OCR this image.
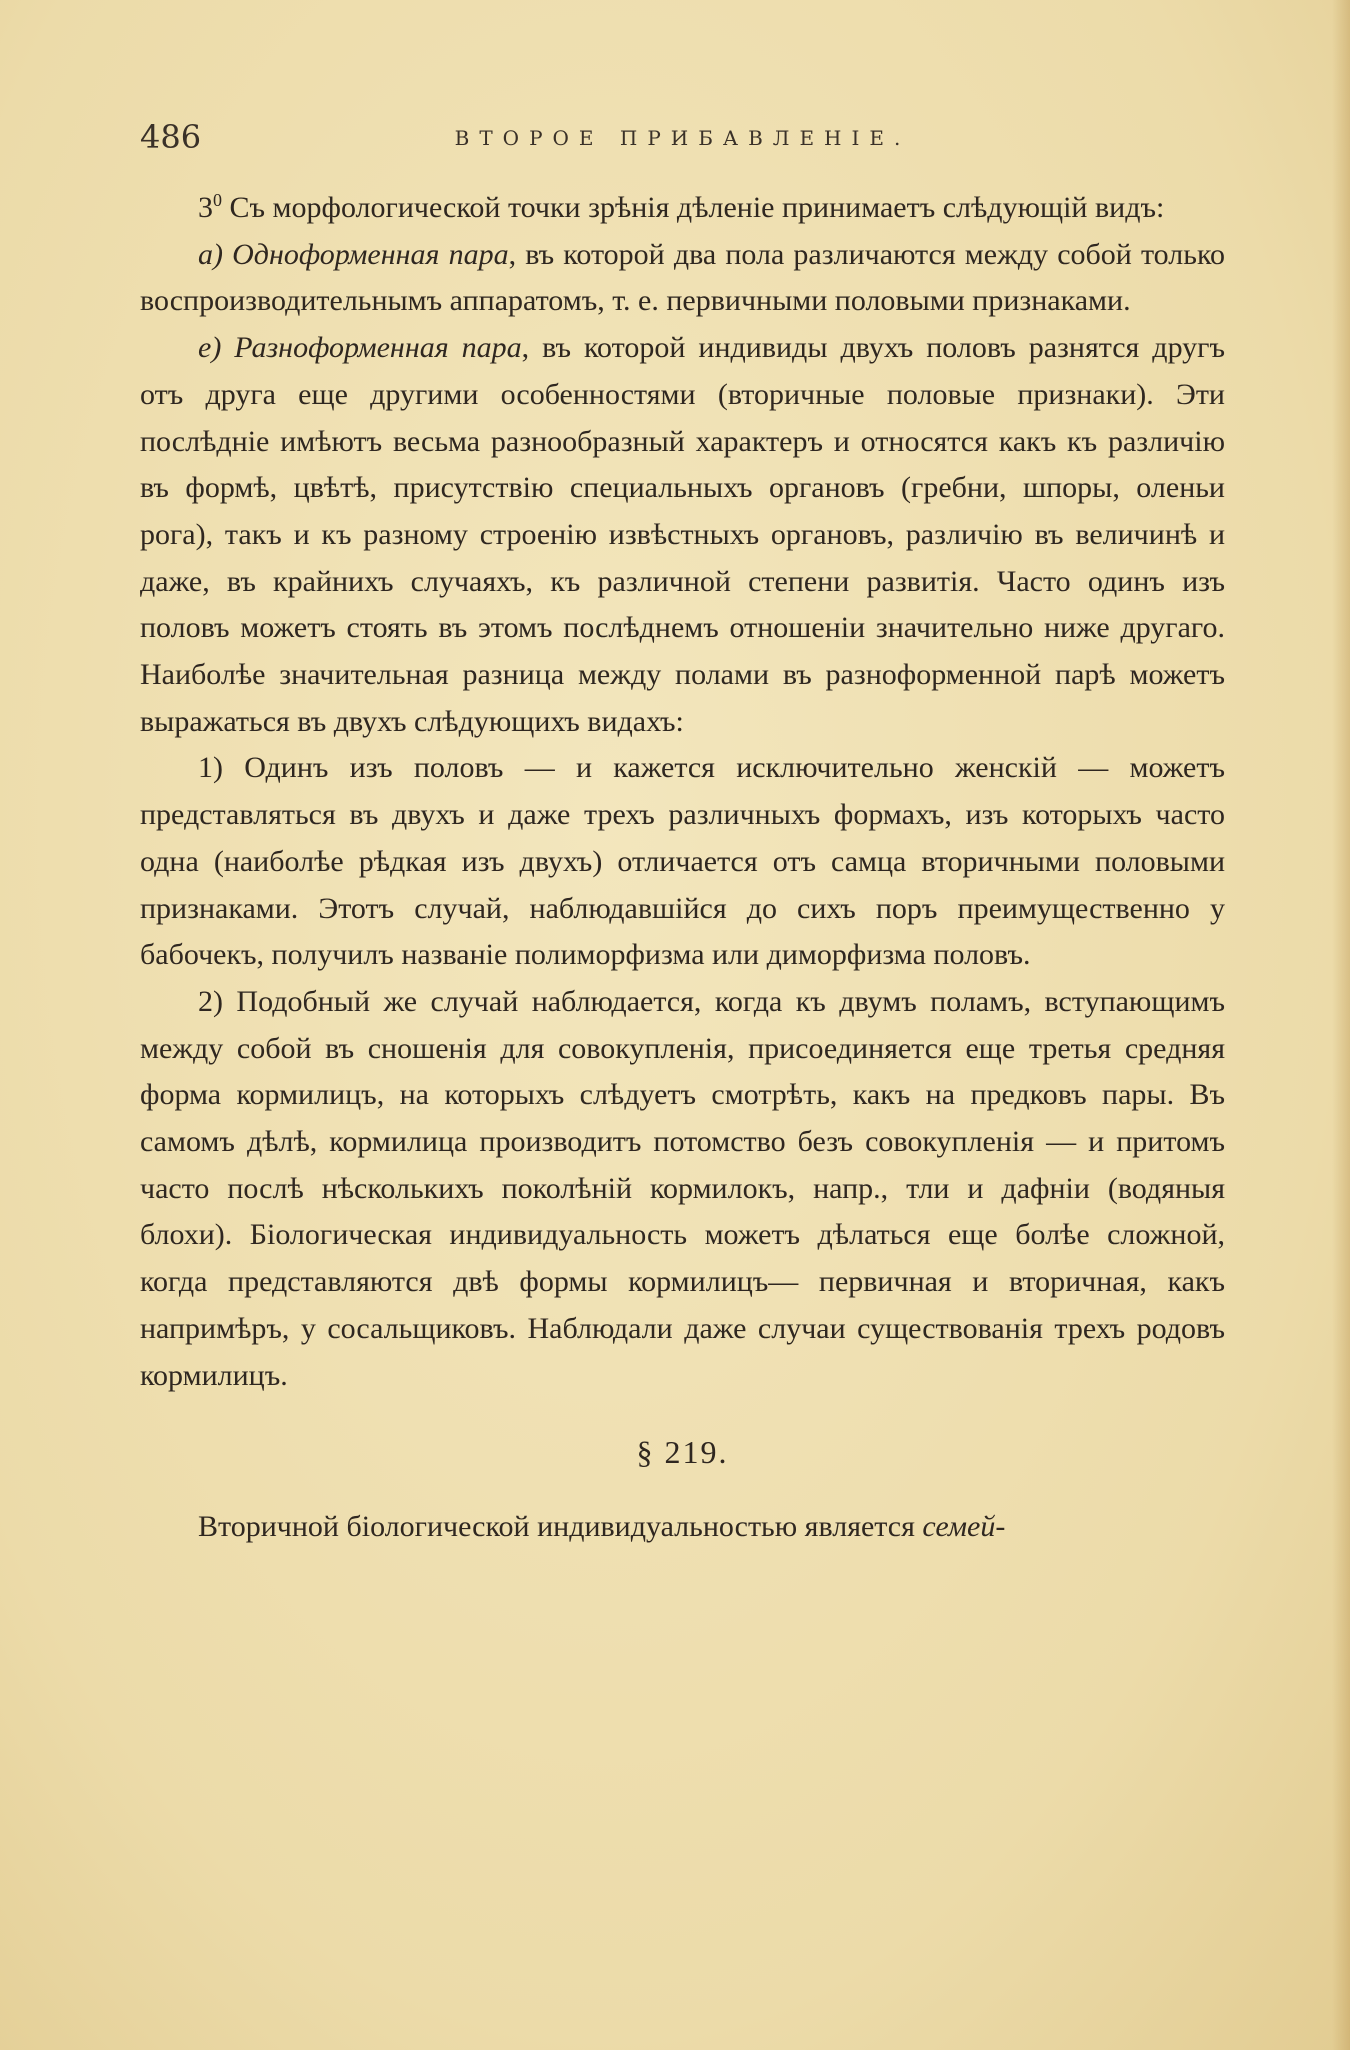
486	ВТОРОЕ ПРИБАВЛЕНІЕ.

$3^0$ Съ морфологической точки зрѣнія дѣленіе принимаетъ слѣдующій видъ:

a) Одноформенная пара, въ которой два пола различаются между собой только воспроизводительнымъ аппаратомъ, т. е. первичными половыми признаками.

e) Разноформенная пара, въ которой индивиды двухъ половъ разнятся другъ отъ друга еще другими особенностями (вторичные половые признаки). Эти послѣдніе имѣютъ весьма разнообразный характеръ и относятся какъ къ различію въ формѣ, цвѣтѣ, присутствію специальныхъ органовъ (гребни, шпоры, оленьи рога), такъ и къ разному строенію извѣстныхъ органовъ, различію въ величинѣ и даже, въ крайнихъ случаяхъ, къ различной степени развитія. Часто одинъ изъ половъ можетъ стоять въ этомъ послѣднемъ отношеніи значительно ниже другаго. Наиболѣе значительная разница между полами въ разноформенной парѣ можетъ выражаться въ двухъ слѣдующихъ видахъ:

1) Одинъ изъ половъ — и кажется исключительно женскій — можетъ представляться въ двухъ и даже трехъ различныхъ формахъ, изъ которыхъ часто одна (наиболѣе рѣдкая изъ двухъ) отличается отъ самца вторичными половыми признаками. Этотъ случай, наблюдавшійся до сихъ поръ преимущественно у бабочекъ, получилъ названіе полиморфизма или диморфизма половъ.

2) Подобный же случай наблюдается, когда къ двумъ поламъ, вступающимъ между собой въ сношенія для совокупленія, присоединяется еще третья средняя форма кормилицъ, на которыхъ слѣдуетъ смотрѣть, какъ на предковъ пары. Въ самомъ дѣлѣ, кормилица производитъ потомство безъ совокупленія — и притомъ часто послѣ нѣсколькихъ поколѣній кормилокъ, напр., тли и дафніи (водяныя блохи). Біологическая индивидуальность можетъ дѣлаться еще болѣе сложной, когда представляются двѣ формы кормилицъ— первичная и вторичная, какъ напримѣръ, у сосальщиковъ. Наблюдали даже случаи существованія трехъ родовъ кормилицъ.

§ 219.

Вторичной біологической индивидуальностью является семей-
